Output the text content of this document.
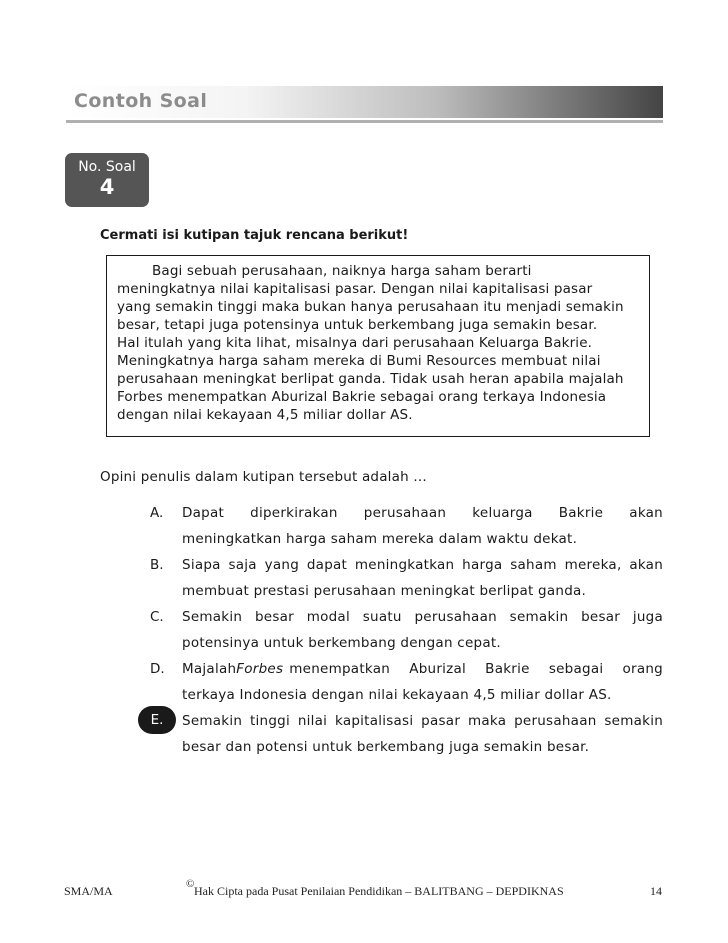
Contoh Soal
No. Soal
4
Cermati isi kutipan tajuk rencana berikut!
Bagi sebuah perusahaan, naiknya harga saham berarti
meningkatnya nilai kapitalisasi pasar. Dengan nilai kapitalisasi pasar
yang semakin tinggi maka bukan hanya perusahaan itu menjadi semakin
besar, tetapi juga potensinya untuk berkembang juga semakin besar.
Hal itulah yang kita lihat, misalnya dari perusahaan Keluarga Bakrie.
Meningkatnya harga saham mereka di Bumi Resources membuat nilai
perusahaan meningkat berlipat ganda. Tidak usah heran apabila majalah
Forbes menempatkan Aburizal Bakrie sebagai orang terkaya Indonesia
dengan nilai kekayaan 4,5 miliar dollar AS.
Opini penulis dalam kutipan tersebut adalah ...
A. Dapat diperkirakan perusahaan keluarga Bakrie akan
meningkatkan harga saham mereka dalam waktu dekat.
B. Siapa saja yang dapat meningkatkan harga saham mereka, akan
membuat prestasi perusahaan meningkat berlipat ganda.
C. Semakin besar modal suatu perusahaan semakin besar juga
potensinya untuk berkembang dengan cepat.
D. Majalah Forbes menempatkan Aburizal Bakrie sebagai orang
terkaya Indonesia dengan nilai kekayaan 4,5 miliar dollar AS.
E.	Semakin tinggi nilai kapitalisasi pasar maka perusahaan semakin
besar dan potensi untuk berkembang juga semakin besar.
SMA/MA	© Hak Cipta pada Pusat Penilaian Pendidikan – BALITBANG – DEPDIKNAS	14
